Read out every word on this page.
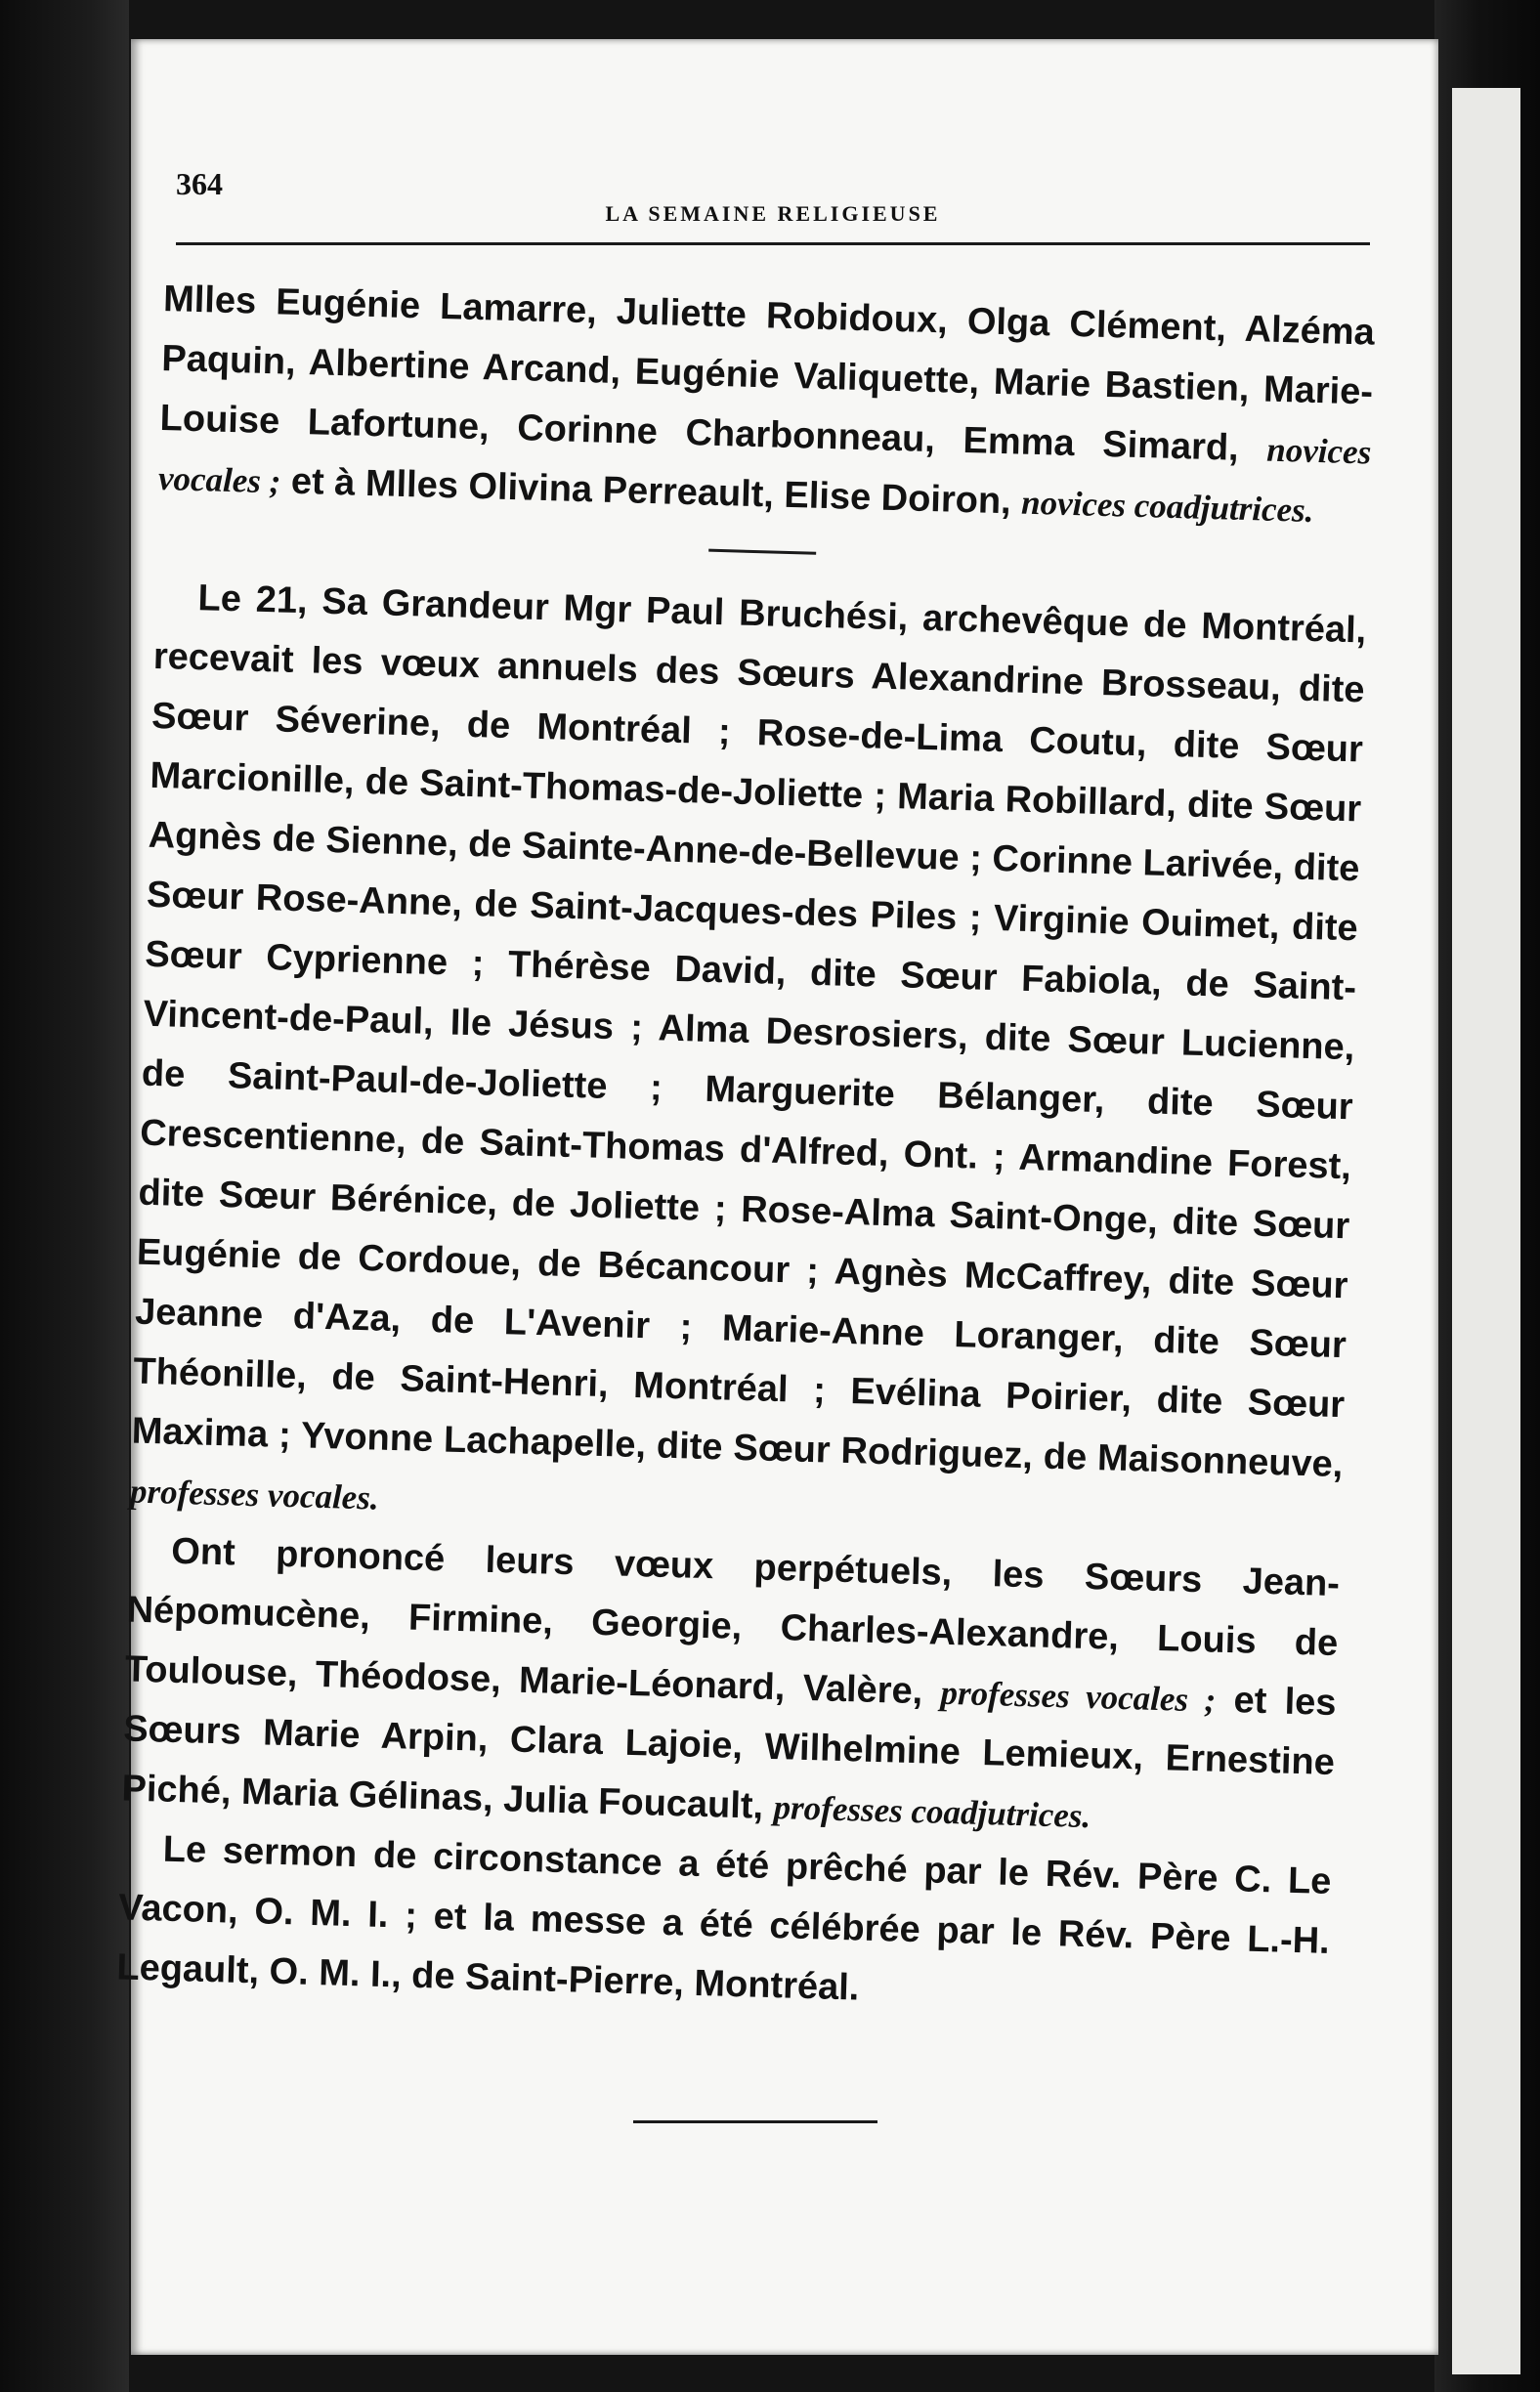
364
LA SEMAINE RELIGIEUSE

Mlles Eugénie Lamarre, Juliette Robidoux, Olga Clément, Alzéma Paquin, Albertine Arcand, Eugénie Valiquette, Marie Bastien, Marie-Louise Lafortune, Corinne Charbonneau, Emma Simard, novices vocales ; et à Mlles Olivina Perreault, Elise Doiron, novices coadjutrices.

Le 21, Sa Grandeur Mgr Paul Bruchési, archevêque de Montréal, recevait les vœux annuels des Sœurs Alexandrine Brosseau, dite Sœur Séverine, de Montréal ; Rose-de-Lima Coutu, dite Sœur Marcionille, de Saint-Thomas-de-Joliette ; Maria Robillard, dite Sœur Agnès de Sienne, de Sainte-Anne-de-Bellevue ; Corinne Larivée, dite Sœur Rose-Anne, de Saint-Jacques-des Piles ; Virginie Ouimet, dite Sœur Cyprienne ; Thérèse David, dite Sœur Fabiola, de Saint-Vincent-de-Paul, Ile Jésus ; Alma Desrosiers, dite Sœur Lucienne, de Saint-Paul-de-Joliette ; Marguerite Bélanger, dite Sœur Crescentienne, de Saint-Thomas d'Alfred, Ont. ; Armandine Forest, dite Sœur Bérénice, de Joliette ; Rose-Alma Saint-Onge, dite Sœur Eugénie de Cordoue, de Bécancour ; Agnès McCaffrey, dite Sœur Jeanne d'Aza, de L'Avenir ; Marie-Anne Loranger, dite Sœur Théonille, de Saint-Henri, Montréal ; Evélina Poirier, dite Sœur Maxima ; Yvonne Lachapelle, dite Sœur Rodriguez, de Maisonneuve, professes vocales.

Ont prononcé leurs vœux perpétuels, les Sœurs Jean-Népomucène, Firmine, Georgie, Charles-Alexandre, Louis de Toulouse, Théodose, Marie-Léonard, Valère, professes vocales ; et les Sœurs Marie Arpin, Clara Lajoie, Wilhelmine Lemieux, Ernestine Piché, Maria Gélinas, Julia Foucault, professes coadjutrices.

Le sermon de circonstance a été prêché par le Rév. Père C. Le Vacon, O. M. I. ; et la messe a été célébrée par le Rév. Père L.-H. Legault, O. M. I., de Saint-Pierre, Montréal.
